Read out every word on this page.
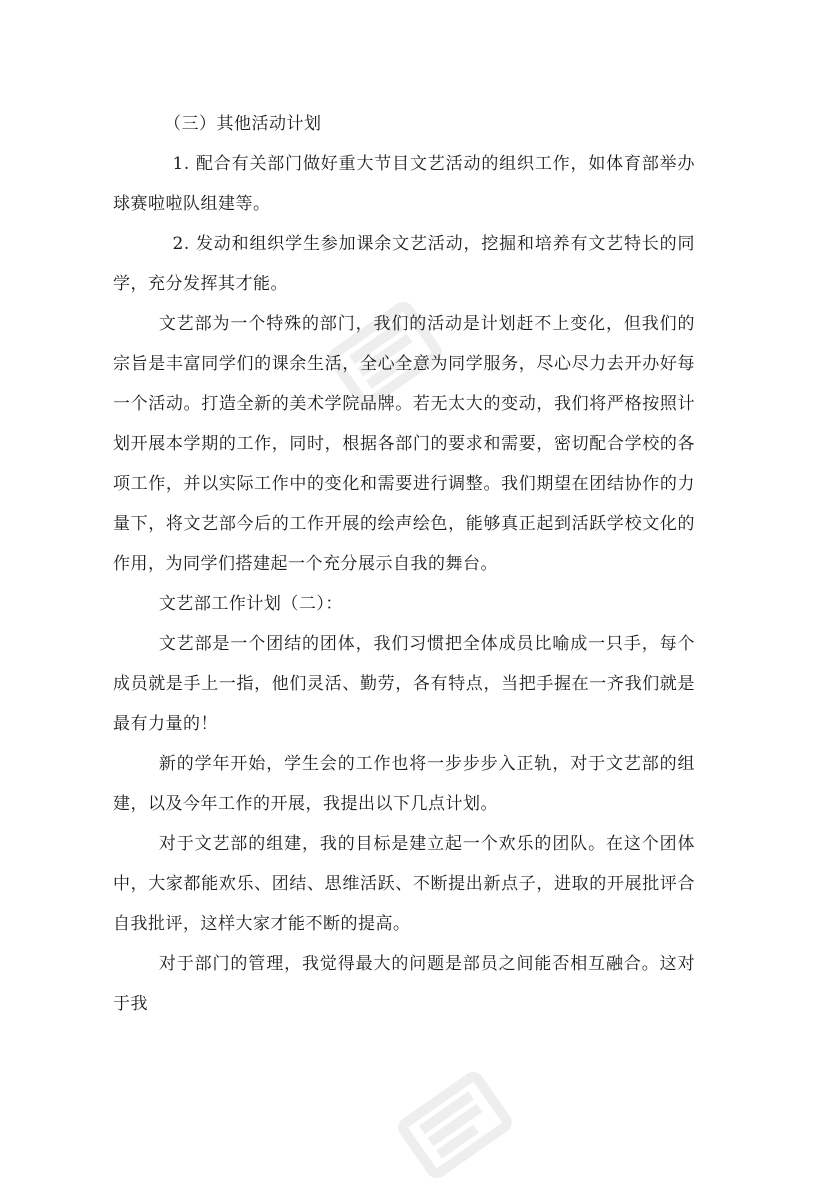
（三）其他活动计划

1. 配合有关部门做好重大节目文艺活动的组织工作，如体育部举办球赛啦啦队组建等。

2. 发动和组织学生参加课余文艺活动，挖掘和培养有文艺特长的同学，充分发挥其才能。

文艺部为一个特殊的部门，我们的活动是计划赶不上变化，但我们的宗旨是丰富同学们的课余生活，全心全意为同学服务，尽心尽力去开办好每一个活动。打造全新的美术学院品牌。若无太大的变动，我们将严格按照计划开展本学期的工作，同时，根据各部门的要求和需要，密切配合学校的各项工作，并以实际工作中的变化和需要进行调整。我们期望在团结协作的力量下，将文艺部今后的工作开展的绘声绘色，能够真正起到活跃学校文化的作用，为同学们搭建起一个充分展示自我的舞台。

文艺部工作计划（二）：

文艺部是一个团结的团体，我们习惯把全体成员比喻成一只手，每个成员就是手上一指，他们灵活、勤劳，各有特点，当把手握在一齐我们就是最有力量的！

新的学年开始，学生会的工作也将一步步步入正轨，对于文艺部的组建，以及今年工作的开展，我提出以下几点计划。

对于文艺部的组建，我的目标是建立起一个欢乐的团队。在这个团体中，大家都能欢乐、团结、思维活跃、不断提出新点子，进取的开展批评合自我批评，这样大家才能不断的提高。

对于部门的管理，我觉得最大的问题是部员之间能否相互融合。这对于我
